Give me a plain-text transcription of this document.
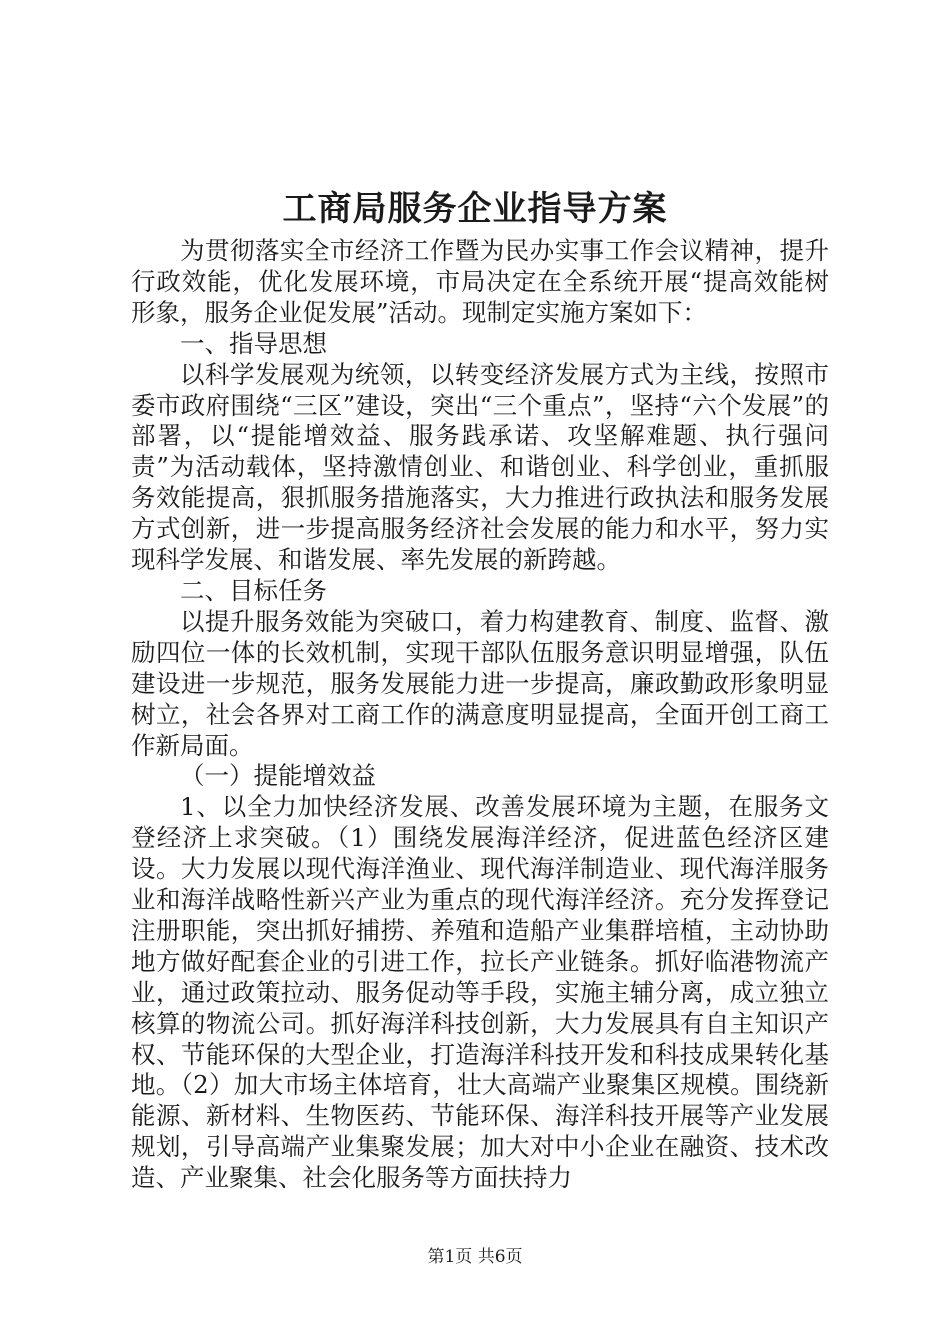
工商局服务企业指导方案

为贯彻落实全市经济工作暨为民办实事工作会议精神，提升行政效能，优化发展环境，市局决定在全系统开展“提高效能树形象，服务企业促发展”活动。现制定实施方案如下：

一、指导思想

以科学发展观为统领，以转变经济发展方式为主线，按照市委市政府围绕“三区”建设，突出“三个重点”，坚持“六个发展”的部署，以“提能增效益、服务践承诺、攻坚解难题、执行强问责”为活动载体，坚持激情创业、和谐创业、科学创业，重抓服务效能提高，狠抓服务措施落实，大力推进行政执法和服务发展方式创新，进一步提高服务经济社会发展的能力和水平，努力实现科学发展、和谐发展、率先发展的新跨越。

二、目标任务

以提升服务效能为突破口，着力构建教育、制度、监督、激励四位一体的长效机制，实现干部队伍服务意识明显增强，队伍建设进一步规范，服务发展能力进一步提高，廉政勤政形象明显树立，社会各界对工商工作的满意度明显提高，全面开创工商工作新局面。

（一）提能增效益

1、以全力加快经济发展、改善发展环境为主题，在服务文登经济上求突破。（1）围绕发展海洋经济，促进蓝色经济区建设。大力发展以现代海洋渔业、现代海洋制造业、现代海洋服务业和海洋战略性新兴产业为重点的现代海洋经济。充分发挥登记注册职能，突出抓好捕捞、养殖和造船产业集群培植，主动协助地方做好配套企业的引进工作，拉长产业链条。抓好临港物流产业，通过政策拉动、服务促动等手段，实施主辅分离，成立独立核算的物流公司。抓好海洋科技创新，大力发展具有自主知识产权、节能环保的大型企业，打造海洋科技开发和科技成果转化基地。（2）加大市场主体培育，壮大高端产业聚集区规模。围绕新能源、新材料、生物医药、节能环保、海洋科技开展等产业发展规划，引导高端产业集聚发展；加大对中小企业在融资、技术改造、产业聚集、社会化服务等方面扶持力

第1页 共6页
